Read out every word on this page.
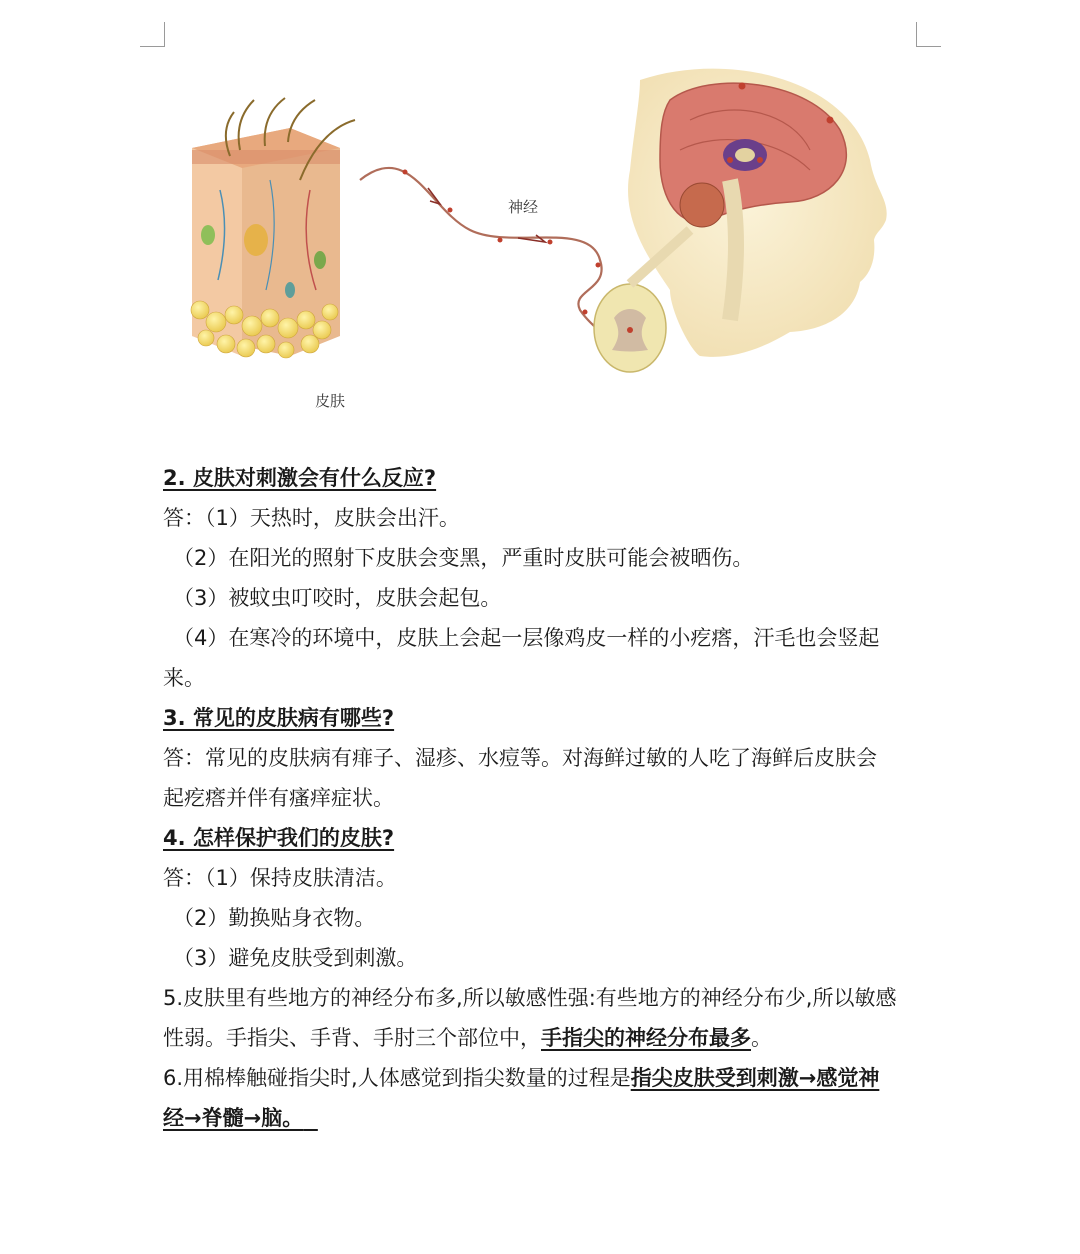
神经
皮肤
2. 皮肤对刺激会有什么反应?
答：（1）天热时，皮肤会出汗。
（2）在阳光的照射下皮肤会变黑，严重时皮肤可能会被晒伤。
（3）被蚊虫叮咬时，皮肤会起包。
（4）在寒冷的环境中，皮肤上会起一层像鸡皮一样的小疙瘩，汗毛也会竖起
来。
3. 常见的皮肤病有哪些?
答：常见的皮肤病有痱子、湿疹、水痘等。对海鲜过敏的人吃了海鲜后皮肤会
起疙瘩并伴有瘙痒症状。
4. 怎样保护我们的皮肤?
答：（1）保持皮肤清洁。
（2）勤换贴身衣物。
（3）避免皮肤受到刺激。
5.皮肤里有些地方的神经分布多,所以敏感性强:有些地方的神经分布少,所以敏感
性弱。手指尖、手背、手肘三个部位中，手指尖的神经分布最多。
6.用棉棒触碰指尖时,人体感觉到指尖数量的过程是指尖皮肤受到刺激→感觉神
经→脊髓→脑。
